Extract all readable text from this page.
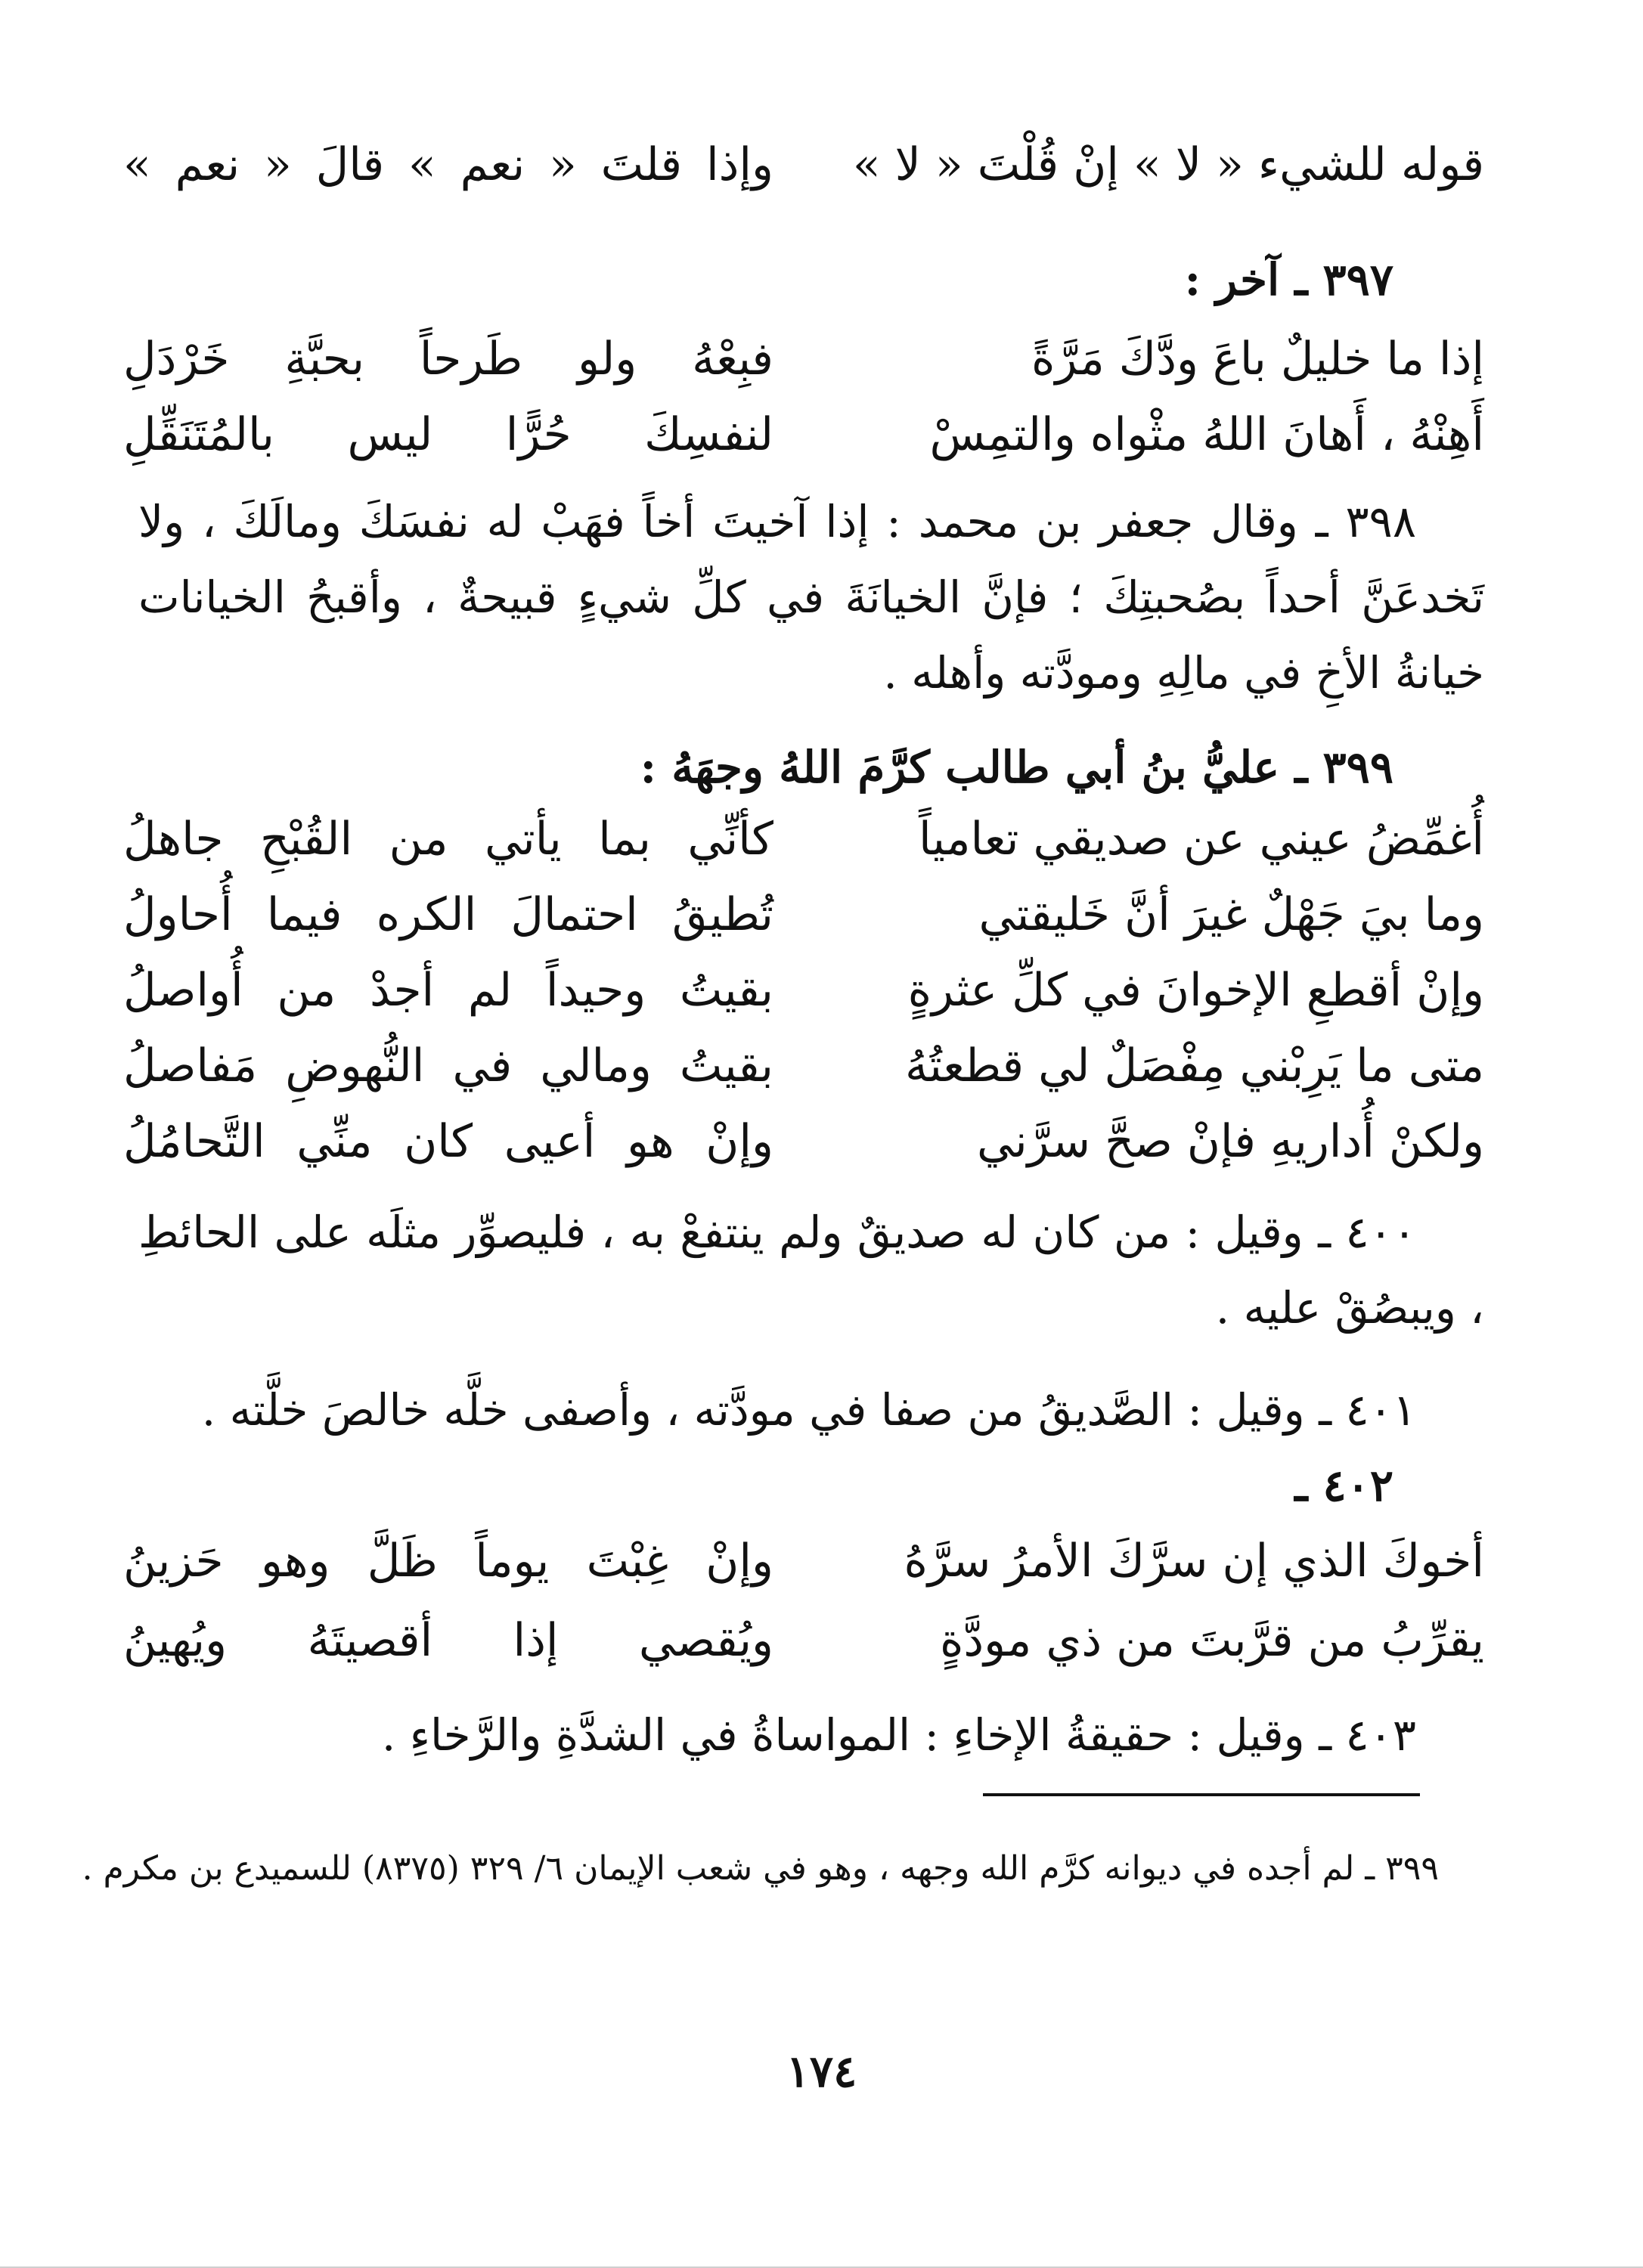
قوله للشيء « لا » إنْ قُلْتَ « لا »
وإذا قلتَ « نعم » قالَ « نعم »
٣٩٧ ـ آخر :
إذا ما خليلٌ باعَ ودَّكَ مَرَّةً
فبِعْهُ ولو طَرحاً بحبَّةِ خَرْدَلِ
أَهِنْهُ ، أَهانَ اللهُ مثْواه والتمِسْ
لنفسِكَ حُرًّا ليس بالمُتَنَقِّلِ
٣٩٨ ـ وقال جعفر بن محمد : إذا آخيتَ أخاً فهَبْ له نفسَكَ ومالَكَ ، ولا تَخدعَنَّ أحداً بصُحبتِكَ ؛ فإنَّ الخيانَةَ في كلِّ شيءٍ قبيحةٌ ، وأقبحُ الخيانات خيانةُ الأخِ في مالِهِ ومودَّته وأهله .
٣٩٩ ـ عليُّ بنُ أبي طالب كرَّمَ اللهُ وجهَهُ :
أُغمِّضُ عيني عن صديقي تعامياً
كأنِّي بما يأتي من القُبْحِ جاهلُ
وما بيَ جَهْلٌ غيرَ أنَّ خَليقتي
تُطيقُ احتمالَ الكره فيما أُحاولُ
وإنْ أقطعِ الإخوانَ في كلِّ عثرةٍ
بقيتُ وحيداً لم أجدْ من أُواصلُ
متى ما يَرِبْني مِفْصَلٌ لي قطعتُهُ
بقيتُ ومالي في النُّهوضِ مَفاصلُ
ولكنْ أُداريهِ فإنْ صحَّ سرَّني
وإنْ هو أعيى كان منِّي التَّحامُلُ
٤٠٠ ـ وقيل : من كان له صديقٌ ولم ينتفعْ به ، فليصوِّر مثلَه على الحائطِ ، ويبصُقْ عليه .
٤٠١ ـ وقيل : الصَّديقُ من صفا في مودَّته ، وأصفى خلَّه خالصَ خلَّته .
٤٠٢ ـ
أخوكَ الذي إن سرَّكَ الأمرُ سرَّهُ
وإنْ غِبْتَ يوماً ظَلَّ وهو حَزينُ
يقرِّبُ من قرَّبتَ من ذي مودَّةٍ
ويُقصي إذا أقصيتَهُ ويُهينُ
٤٠٣ ـ وقيل : حقيقةُ الإخاءِ : المواساةُ في الشدَّةِ والرَّخاءِ .
٣٩٩ ـ لم أجده في ديوانه كرَّم الله وجهه ، وهو في شعب الإيمان ٦/ ٣٢٩ (٨٣٧٥) للسميدع بن مكرم .
١٧٤
